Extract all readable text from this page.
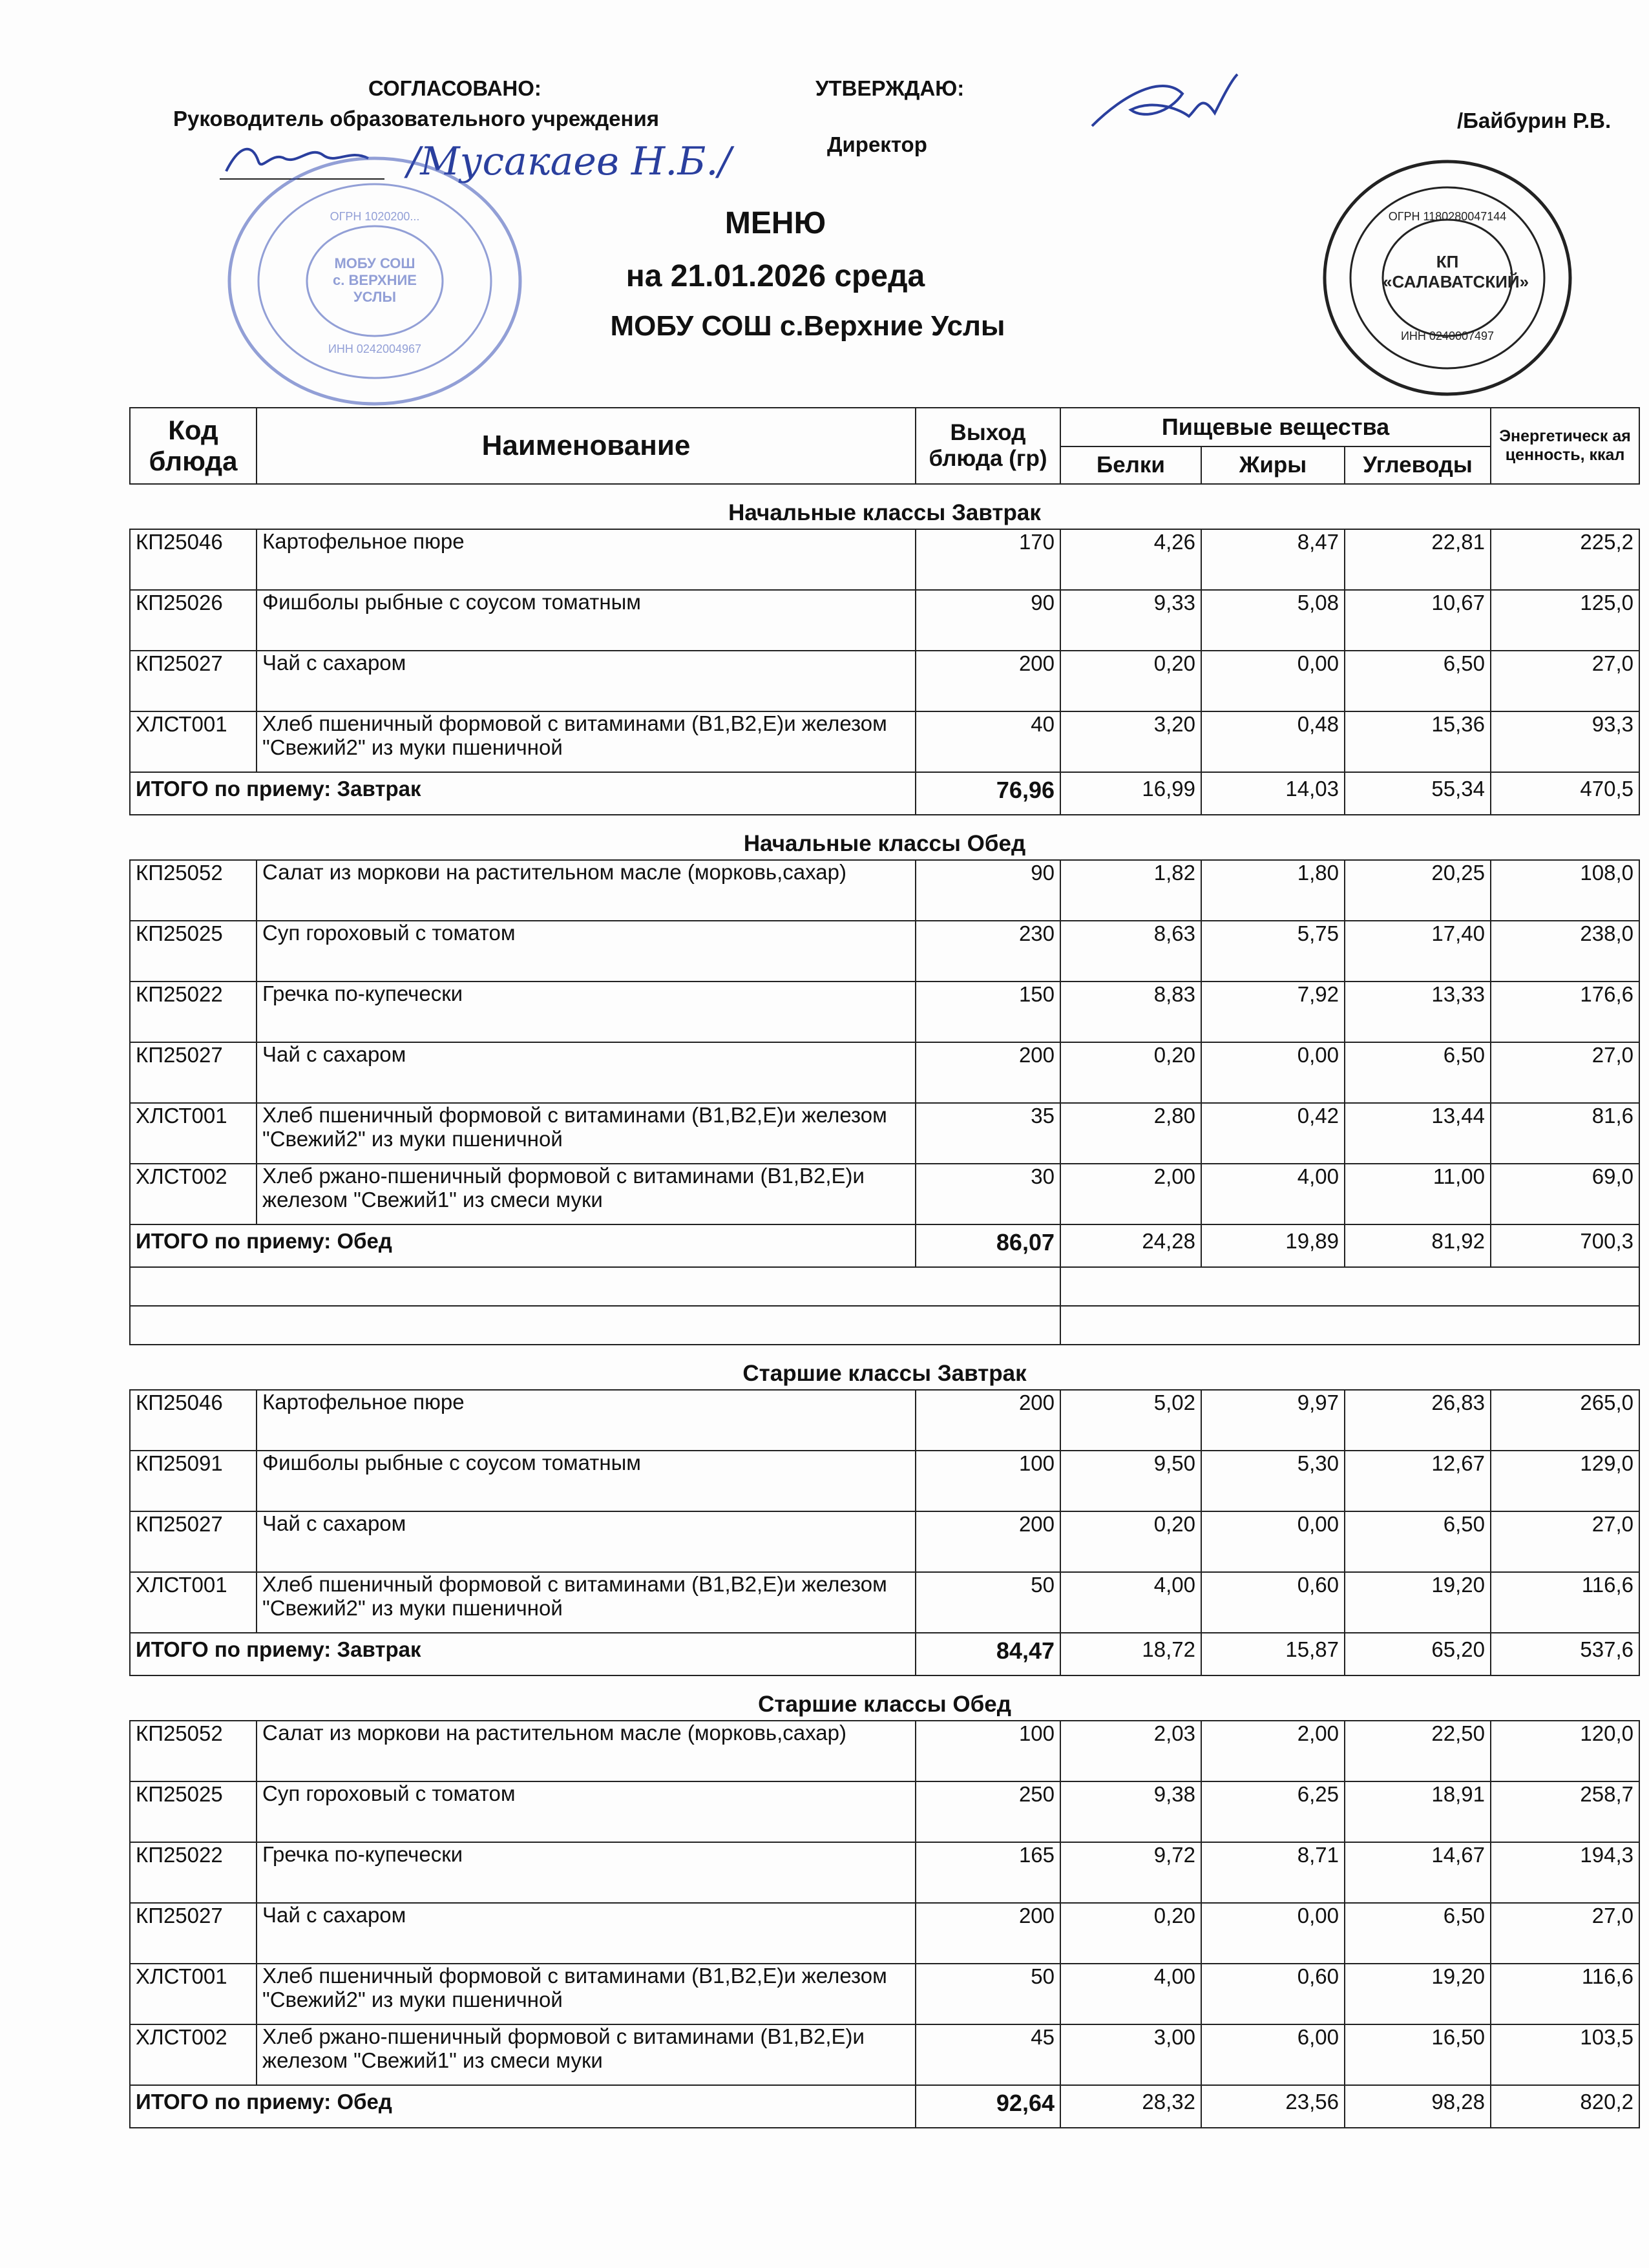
СОГЛАСОВАНО:
Руководитель образовательного учреждения
УТВЕРЖДАЮ:
Директор
/Байбурин Р.В.
/Мусакаев Н.Б./
МОБУ СОШ
с. ВЕРХНИЕ УСЛЫ
ОГРН 1020200...
ИНН 0242004967
КП
«САЛАВАТСКИЙ»
ОГРН 1180280047144
ИНН 0240007497
МЕНЮ
на 21.01.2026 среда
МОБУ СОШ с.Верхние Услы
Код блюда	Наименование	Выход блюда (гр)	Пищевые вещества			Энергетическ ая ценность, ккал
			Белки	Жиры	Углеводы	
Начальные классы Завтрак						
КП25046	Картофельное пюре	170	4,26	8,47	22,81	225,2
КП25026	Фишболы рыбные с соусом томатным	90	9,33	5,08	10,67	125,0
КП25027	Чай с сахаром	200	0,20	0,00	6,50	27,0
ХЛСТ001	Хлеб пшеничный формовой с витаминами (В1,В2,Е)и железом "Свежий2" из муки пшеничной	40	3,20	0,48	15,36	93,3
ИТОГО по приему: Завтрак		76,96	16,99	14,03	55,34	470,5
Начальные классы Обед						
КП25052	Салат из моркови на растительном масле (морковь,сахар)	90	1,82	1,80	20,25	108,0
КП25025	Суп гороховый с томатом	230	8,63	5,75	17,40	238,0
КП25022	Гречка по-купечески	150	8,83	7,92	13,33	176,6
КП25027	Чай с сахаром	200	0,20	0,00	6,50	27,0
ХЛСТ001	Хлеб пшеничный формовой с витаминами (В1,В2,Е)и железом "Свежий2" из муки пшеничной	35	2,80	0,42	13,44	81,6
ХЛСТ002	Хлеб ржано-пшеничный формовой с витаминами (В1,В2,Е)и железом "Свежий1" из смеси муки	30	2,00	4,00	11,00	69,0
ИТОГО по приему: Обед		86,07	24,28	19,89	81,92	700,3

Старшие классы Завтрак						
КП25046	Картофельное пюре	200	5,02	9,97	26,83	265,0
КП25091	Фишболы рыбные с соусом томатным	100	9,50	5,30	12,67	129,0
КП25027	Чай с сахаром	200	0,20	0,00	6,50	27,0
ХЛСТ001	Хлеб пшеничный формовой с витаминами (В1,В2,Е)и железом "Свежий2" из муки пшеничной	50	4,00	0,60	19,20	116,6
ИТОГО по приему: Завтрак		84,47	18,72	15,87	65,20	537,6
Старшие классы Обед						
КП25052	Салат из моркови на растительном масле (морковь,сахар)	100	2,03	2,00	22,50	120,0
КП25025	Суп гороховый с томатом	250	9,38	6,25	18,91	258,7
КП25022	Гречка по-купечески	165	9,72	8,71	14,67	194,3
КП25027	Чай с сахаром	200	0,20	0,00	6,50	27,0
ХЛСТ001	Хлеб пшеничный формовой с витаминами (В1,В2,Е)и железом "Свежий2" из муки пшеничной	50	4,00	0,60	19,20	116,6
ХЛСТ002	Хлеб ржано-пшеничный формовой с витаминами (В1,В2,Е)и железом "Свежий1" из смеси муки	45	3,00	6,00	16,50	103,5
ИТОГО по приему: Обед		92,64	28,32	23,56	98,28	820,2
